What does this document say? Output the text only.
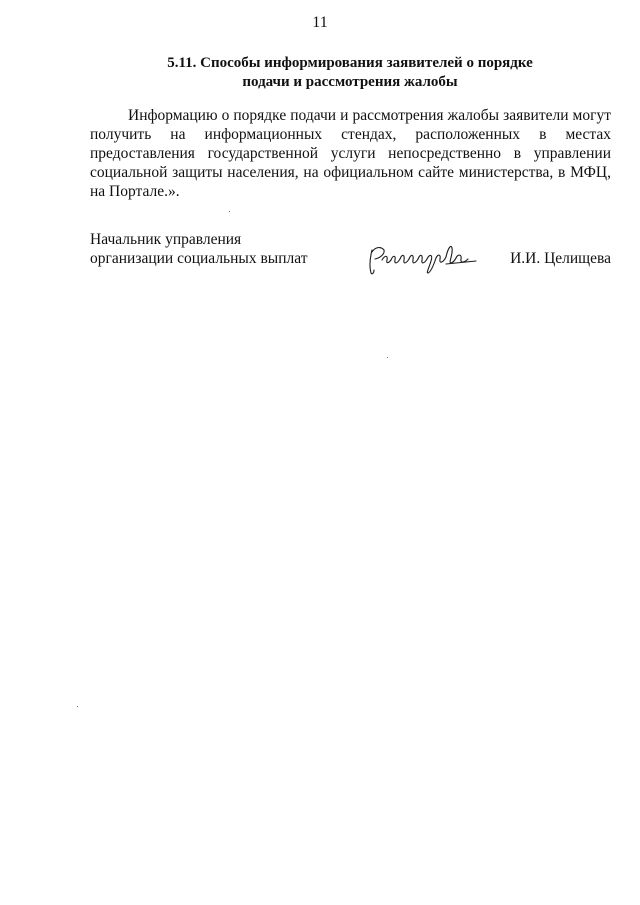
11
5.11. Способы информирования заявителей о порядке
подачи и рассмотрения жалобы

Информацию о порядке подачи и рассмотрения жалобы заявители могут получить на информационных стендах, расположенных в местах предоставления государственной услуги непосредственно в управлении социальной защиты населения, на официальном сайте министерства, в МФЦ, на Портале.».

Начальник управления
организации социальных выплат	И.И. Целищева
